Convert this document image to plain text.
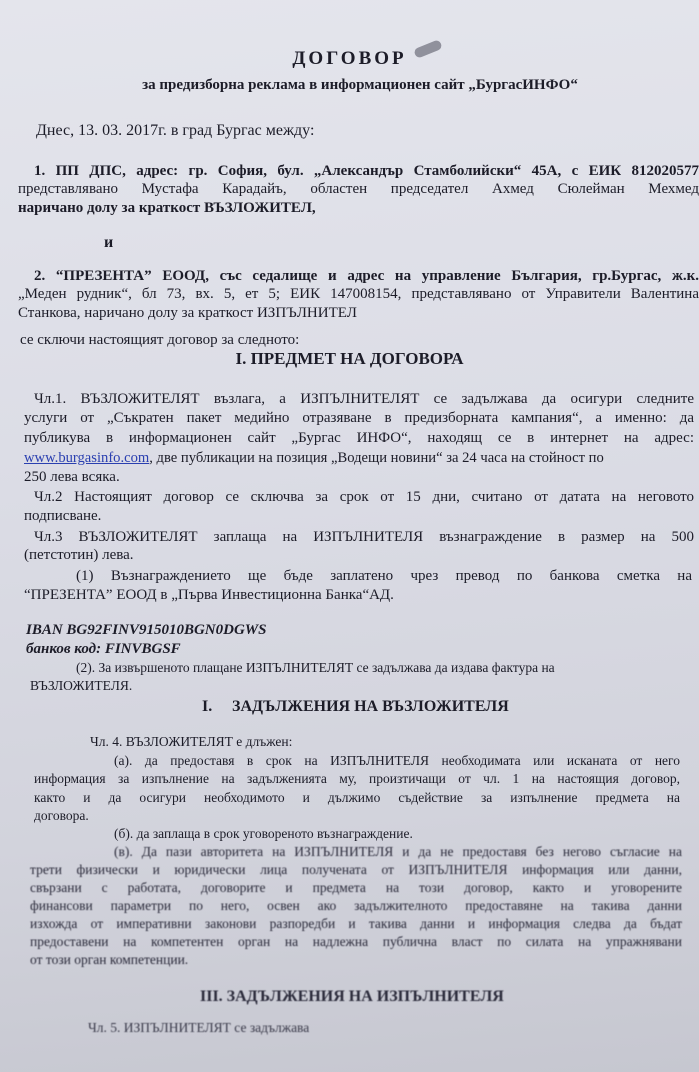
ДОГОВОР
за предизборна реклама в информационен сайт „БургасИНФО“
Днес, 13. 03. 2017г. в град Бургас между:
1. ПП ДПС, адрес: гр. София, бул. „Александър Стамболийски“ 45А, с ЕИК 812020577
представлявано Мустафа Карадайъ, областен председател Ахмед Сюлейман Мехмед
наричано долу за краткост ВЪЗЛОЖИТЕЛ,
и
2. “ПРЕЗЕНТА” ЕООД, със седалище и адрес на управление България, гр.Бургас, ж.к.
„Меден рудник“, бл 73, вх. 5, ет 5; ЕИК 147008154, представлявано от Управители Валентина
Станкова, наричано долу за краткост ИЗПЪЛНИТЕЛ
се сключи настоящият договор за следното:
I. ПРЕДМЕТ НА ДОГОВОРА
Чл.1. ВЪЗЛОЖИТЕЛЯТ възлага, а ИЗПЪЛНИТЕЛЯТ се задължава да осигури следните
услуги от „Съкратен пакет медийно отразяване в предизборната кампания“, а именно: да
публикува в информационен сайт „Бургас ИНФО“, находящ се в интернет на адрес:
www.burgasinfo.com, две публикации на позиция „Водещи новини“ за 24 часа на стойност по
250 лева всяка.
Чл.2 Настоящият договор се сключва за срок от 15 дни, считано от датата на неговото
подписване.
Чл.3 ВЪЗЛОЖИТЕЛЯТ заплаща на ИЗПЪЛНИТЕЛЯ възнаграждение в размер на 500
(петстотин) лева.
(1) Възнаграждението ще бъде заплатено чрез превод по банкова сметка на
“ПРЕЗЕНТА” ЕООД в „Първа Инвестиционна Банка“АД.
IBAN BG92FINV915010BGN0DGWS
банков код: FINVBGSF
(2). За извършеното плащане ИЗПЪЛНИТЕЛЯТ се задължава да издава фактура на
ВЪЗЛОЖИТЕЛЯ.
I. ЗАДЪЛЖЕНИЯ НА ВЪЗЛОЖИТЕЛЯ
Чл. 4. ВЪЗЛОЖИТЕЛЯТ е длъжен:
(а). да предоставя в срок на ИЗПЪЛНИТЕЛЯ необходимата или исканата от него
информация за изпълнение на задълженията му, произтичащи от чл. 1 на настоящия договор,
както и да осигури необходимото и дължимо съдействие за изпълнение предмета на
договора.
(б). да заплаща в срок уговореното възнаграждение.
(в). Да пази авторитета на ИЗПЪЛНИТЕЛЯ и да не предоставя без негово съгласие на
трети физически и юридически лица получената от ИЗПЪЛНИТЕЛЯ информация или данни,
свързани с работата, договорите и предмета на този договор, както и уговорените
финансови параметри по него, освен ако задължителното предоставяне на такива данни
изхожда от императивни законови разпоредби и такива данни и информация следва да бъдат
предоставени на компетентен орган на надлежна публична власт по силата на упражнявани
от този орган компетенции.
III. ЗАДЪЛЖЕНИЯ НА ИЗПЪЛНИТЕЛЯ
Чл. 5. ИЗПЪЛНИТЕЛЯТ се задължава
